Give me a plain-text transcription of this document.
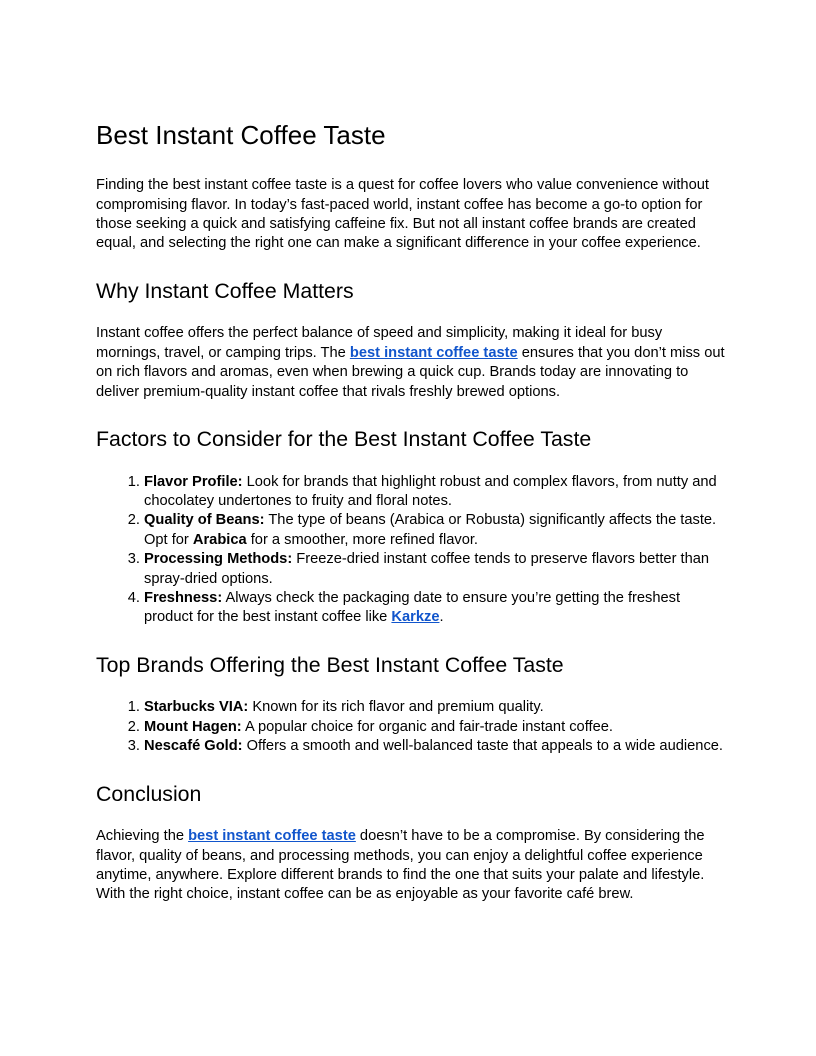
Best Instant Coffee Taste

Finding the best instant coffee taste is a quest for coffee lovers who value convenience without compromising flavor. In today’s fast-paced world, instant coffee has become a go-to option for those seeking a quick and satisfying caffeine fix. But not all instant coffee brands are created equal, and selecting the right one can make a significant difference in your coffee experience.

Why Instant Coffee Matters

Instant coffee offers the perfect balance of speed and simplicity, making it ideal for busy mornings, travel, or camping trips. The best instant coffee taste ensures that you don’t miss out on rich flavors and aromas, even when brewing a quick cup. Brands today are innovating to deliver premium-quality instant coffee that rivals freshly brewed options.

Factors to Consider for the Best Instant Coffee Taste
1. Flavor Profile: Look for brands that highlight robust and complex flavors, from nutty and chocolatey undertones to fruity and floral notes.
2. Quality of Beans: The type of beans (Arabica or Robusta) significantly affects the taste. Opt for Arabica for a smoother, more refined flavor.
3. Processing Methods: Freeze-dried instant coffee tends to preserve flavors better than spray-dried options.
4. Freshness: Always check the packaging date to ensure you’re getting the freshest product for the best instant coffee like Karkze.
Top Brands Offering the Best Instant Coffee Taste
1. Starbucks VIA: Known for its rich flavor and premium quality.
2. Mount Hagen: A popular choice for organic and fair-trade instant coffee.
3. Nescafé Gold: Offers a smooth and well-balanced taste that appeals to a wide audience.
Conclusion

Achieving the best instant coffee taste doesn’t have to be a compromise. By considering the flavor, quality of beans, and processing methods, you can enjoy a delightful coffee experience anytime, anywhere. Explore different brands to find the one that suits your palate and lifestyle. With the right choice, instant coffee can be as enjoyable as your favorite café brew.
